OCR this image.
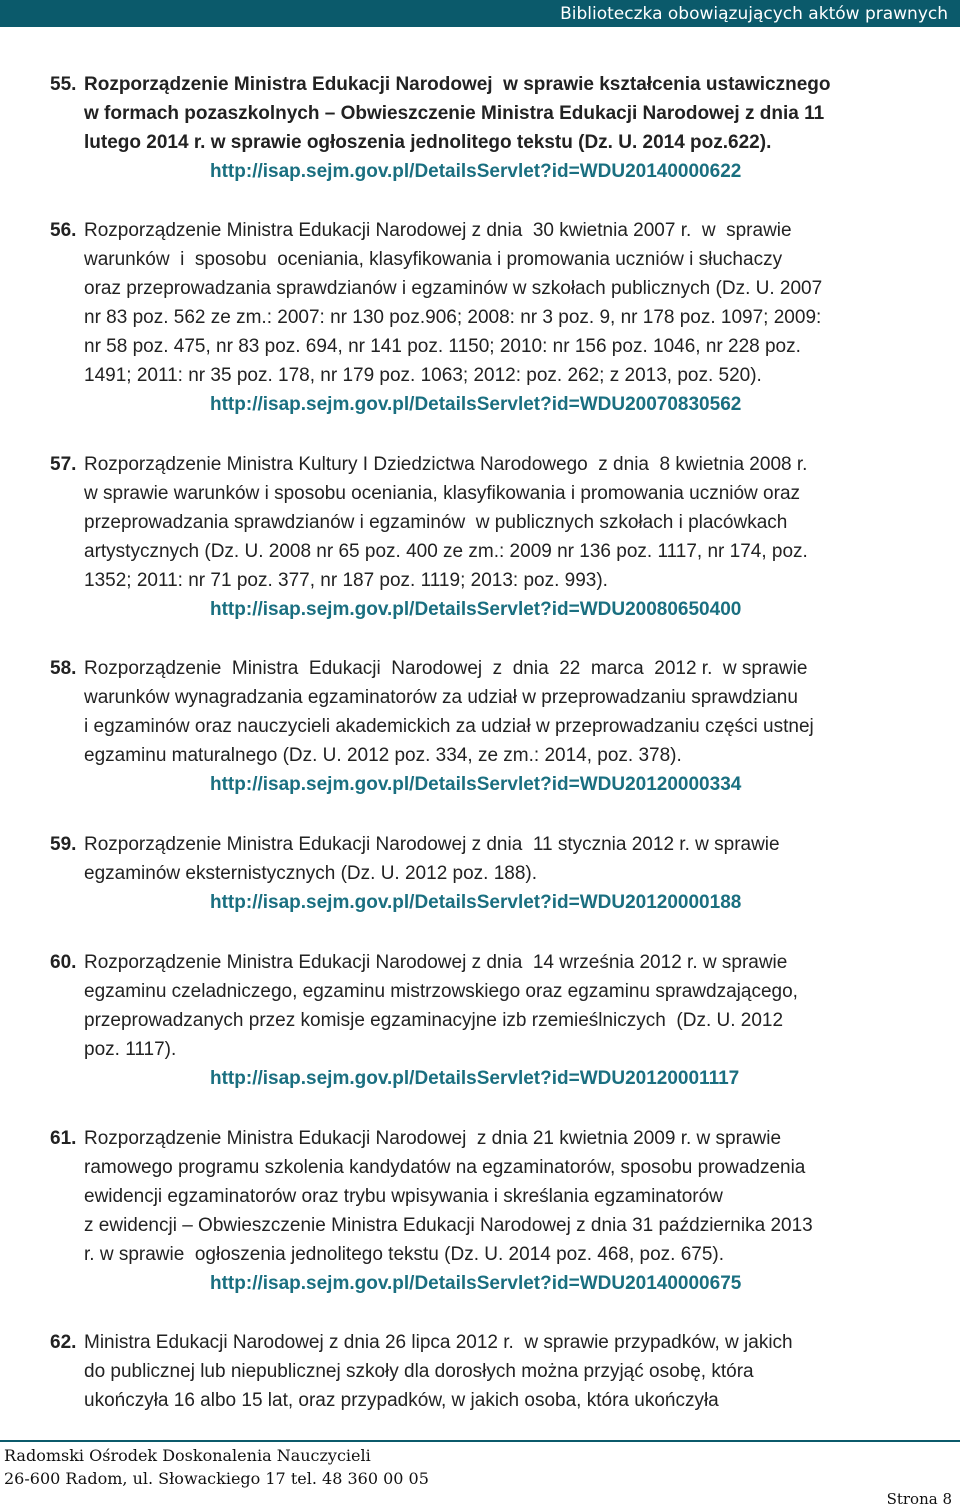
Biblioteczka obowiązujących aktów prawnych
55. Rozporządzenie Ministra Edukacji Narodowej  w sprawie kształcenia ustawicznego
w formach pozaszkolnych – Obwieszczenie Ministra Edukacji Narodowej z dnia 11
lutego 2014 r. w sprawie ogłoszenia jednolitego tekstu (Dz. U. 2014 poz.622).
http://isap.sejm.gov.pl/DetailsServlet?id=WDU20140000622
56. Rozporządzenie Ministra Edukacji Narodowej z dnia  30 kwietnia 2007 r.  w  sprawie
warunków  i  sposobu  oceniania, klasyfikowania i promowania uczniów i słuchaczy
oraz przeprowadzania sprawdzianów i egzaminów w szkołach publicznych (Dz. U. 2007
nr 83 poz. 562 ze zm.: 2007: nr 130 poz.906; 2008: nr 3 poz. 9, nr 178 poz. 1097; 2009:
nr 58 poz. 475, nr 83 poz. 694, nr 141 poz. 1150; 2010: nr 156 poz. 1046, nr 228 poz.
1491; 2011: nr 35 poz. 178, nr 179 poz. 1063; 2012: poz. 262; z 2013, poz. 520).
http://isap.sejm.gov.pl/DetailsServlet?id=WDU20070830562
57. Rozporządzenie Ministra Kultury I Dziedzictwa Narodowego  z dnia  8 kwietnia 2008 r.
w sprawie warunków i sposobu oceniania, klasyfikowania i promowania uczniów oraz
przeprowadzania sprawdzianów i egzaminów  w publicznych szkołach i placówkach
artystycznych (Dz. U. 2008 nr 65 poz. 400 ze zm.: 2009 nr 136 poz. 1117, nr 174, poz.
1352; 2011: nr 71 poz. 377, nr 187 poz. 1119; 2013: poz. 993).
http://isap.sejm.gov.pl/DetailsServlet?id=WDU20080650400
58. Rozporządzenie  Ministra  Edukacji  Narodowej  z  dnia  22  marca  2012 r.  w sprawie
warunków wynagradzania egzaminatorów za udział w przeprowadzaniu sprawdzianu
i egzaminów oraz nauczycieli akademickich za udział w przeprowadzaniu części ustnej
egzaminu maturalnego (Dz. U. 2012 poz. 334, ze zm.: 2014, poz. 378).
http://isap.sejm.gov.pl/DetailsServlet?id=WDU20120000334
59. Rozporządzenie Ministra Edukacji Narodowej z dnia  11 stycznia 2012 r. w sprawie
egzaminów eksternistycznych (Dz. U. 2012 poz. 188).
http://isap.sejm.gov.pl/DetailsServlet?id=WDU20120000188
60. Rozporządzenie Ministra Edukacji Narodowej z dnia  14 września 2012 r. w sprawie
egzaminu czeladniczego, egzaminu mistrzowskiego oraz egzaminu sprawdzającego,
przeprowadzanych przez komisje egzaminacyjne izb rzemieślniczych  (Dz. U. 2012
poz. 1117).
http://isap.sejm.gov.pl/DetailsServlet?id=WDU20120001117
61. Rozporządzenie Ministra Edukacji Narodowej  z dnia 21 kwietnia 2009 r. w sprawie
ramowego programu szkolenia kandydatów na egzaminatorów, sposobu prowadzenia
ewidencji egzaminatorów oraz trybu wpisywania i skreślania egzaminatorów
z ewidencji – Obwieszczenie Ministra Edukacji Narodowej z dnia 31 października 2013
r. w sprawie  ogłoszenia jednolitego tekstu (Dz. U. 2014 poz. 468, poz. 675).
http://isap.sejm.gov.pl/DetailsServlet?id=WDU20140000675
62. Ministra Edukacji Narodowej z dnia 26 lipca 2012 r.  w sprawie przypadków, w jakich
do publicznej lub niepublicznej szkoły dla dorosłych można przyjąć osobę, która
ukończyła 16 albo 15 lat, oraz przypadków, w jakich osoba, która ukończyła
Radomski Ośrodek Doskonalenia Nauczycieli
26-600 Radom, ul. Słowackiego 17 tel. 48 360 00 05
Strona 8
